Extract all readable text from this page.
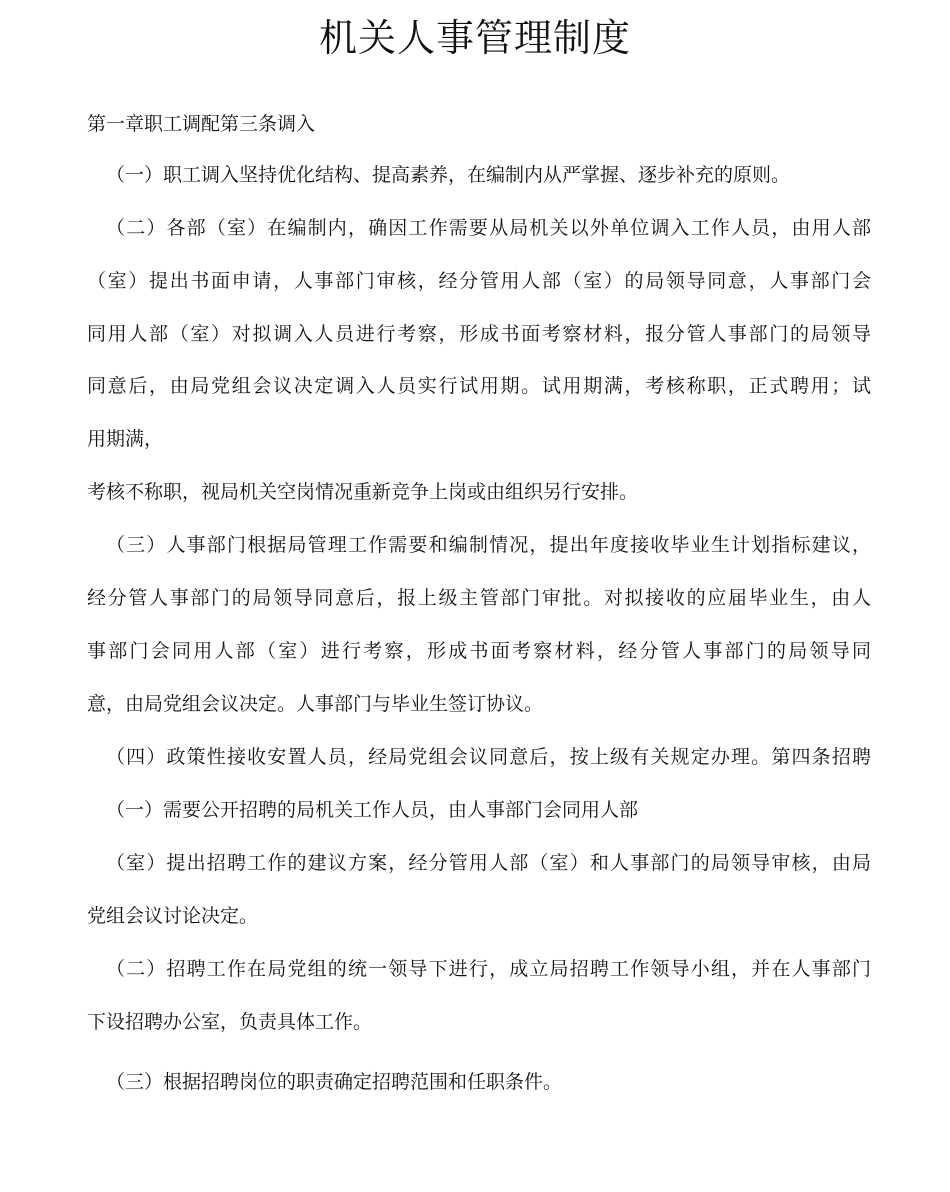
机关人事管理制度

第一章职工调配第三条调入

（一）职工调入坚持优化结构、提高素养，在编制内从严掌握、逐步补充的原则。

（二）各部（室）在编制内，确因工作需要从局机关以外单位调入工作人员，由用人部

（室）提出书面申请，人事部门审核，经分管用人部（室）的局领导同意，人事部门会

同用人部（室）对拟调入人员进行考察，形成书面考察材料，报分管人事部门的局领导

同意后，由局党组会议决定调入人员实行试用期。试用期满，考核称职，正式聘用；试

用期满，

考核不称职，视局机关空岗情况重新竞争上岗或由组织另行安排。

（三）人事部门根据局管理工作需要和编制情况，提出年度接收毕业生计划指标建议，

经分管人事部门的局领导同意后，报上级主管部门审批。对拟接收的应届毕业生，由人

事部门会同用人部（室）进行考察，形成书面考察材料，经分管人事部门的局领导同

意，由局党组会议决定。人事部门与毕业生签订协议。

（四）政策性接收安置人员，经局党组会议同意后，按上级有关规定办理。第四条招聘

（一）需要公开招聘的局机关工作人员，由人事部门会同用人部

（室）提出招聘工作的建议方案，经分管用人部（室）和人事部门的局领导审核，由局

党组会议讨论决定。

（二）招聘工作在局党组的统一领导下进行，成立局招聘工作领导小组，并在人事部门

下设招聘办公室，负责具体工作。

（三）根据招聘岗位的职责确定招聘范围和任职条件。
